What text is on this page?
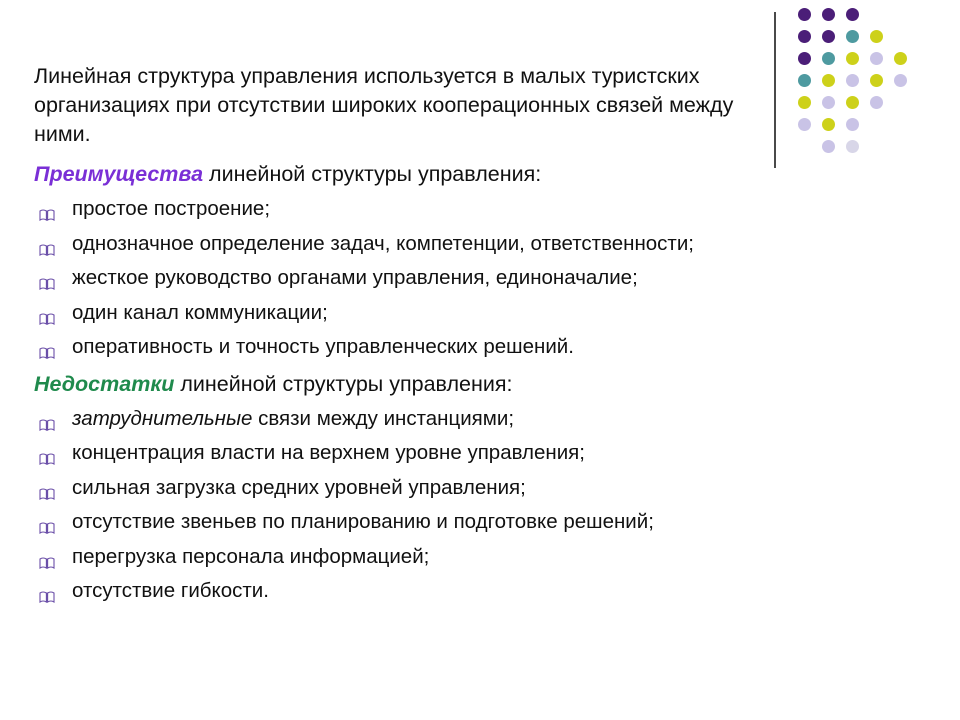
Линейная структура управления используется в малых туристских организациях при отсутствии широких кооперационных связей между ними.

Преимущества линейной структуры управления:
простое построение;
однозначное определение задач, компетенции, ответственности;
жесткое руководство органами управления, единоначалие;
один канал коммуникации;
оперативность и точность управленческих решений.
Недостатки линейной структуры управления:
затруднительные связи между инстанциями;
концентрация власти на верхнем уровне управления;
сильная загрузка средних уровней управления;
отсутствие звеньев по планированию и подготовке решений;
перегрузка персонала информацией;
отсутствие гибкости.
